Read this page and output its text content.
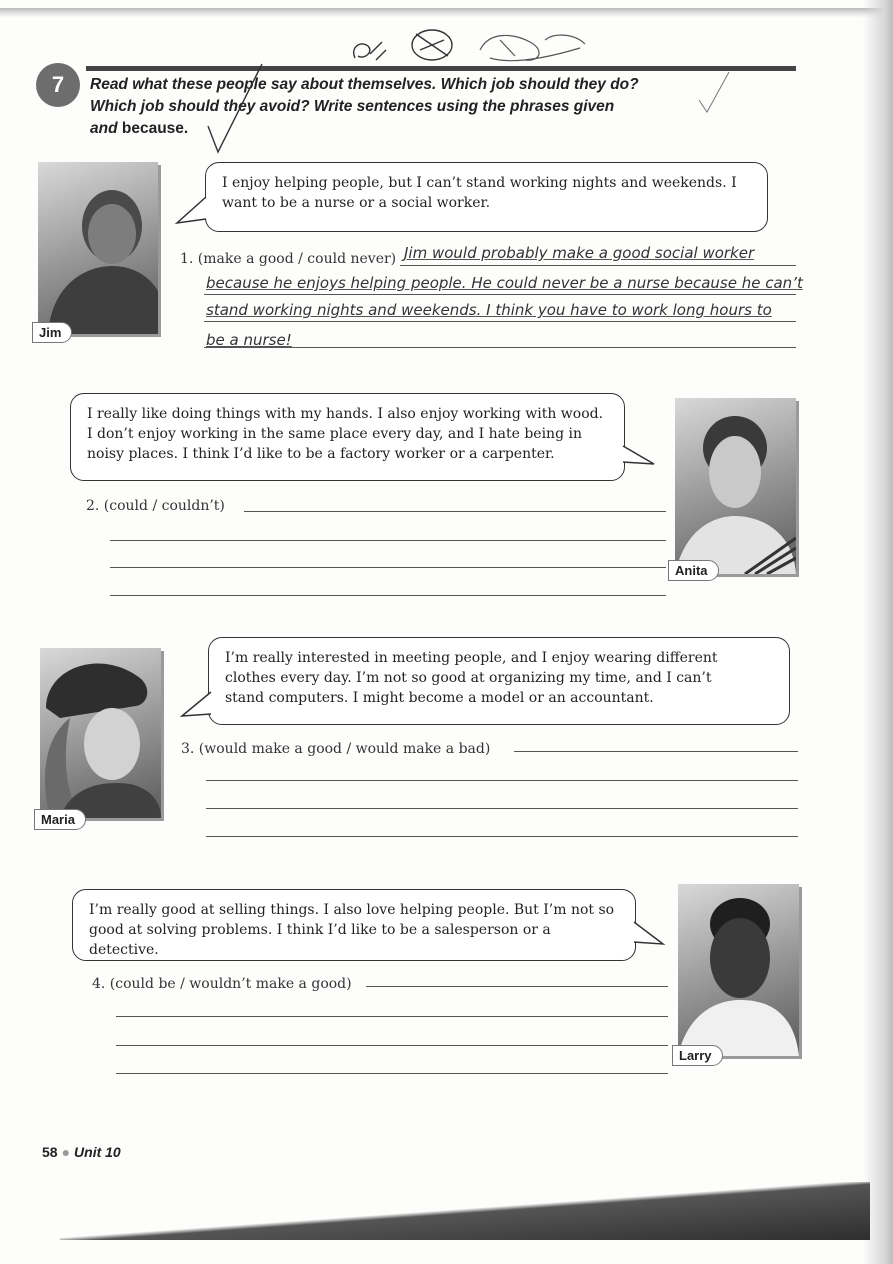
7	Read what these people say about themselves. Which job should they do?
Which job should they avoid? Write sentences using the phrases given
and because.
Jim
I enjoy helping people, but I can’t stand working nights and weekends. I
want to be a nurse or a social worker.
1. (make a good / could never) Jim would probably make a good social worker
because he enjoys helping people. He could never be a nurse because he can’t
stand working nights and weekends. I think you have to work long hours to
be a nurse!
I really like doing things with my hands. I also enjoy working with wood.
I don’t enjoy working in the same place every day, and I hate being in
noisy places. I think I’d like to be a factory worker or a carpenter.
Anita
2. (could / couldn’t)
Maria
I’m really interested in meeting people, and I enjoy wearing different
clothes every day. I’m not so good at organizing my time, and I can’t
stand computers. I might become a model or an accountant.
3. (would make a good / would make a bad)
I’m really good at selling things. I also love helping people. But I’m not so
good at solving problems. I think I’d like to be a salesperson or a detective.
Larry
4. (could be / wouldn’t make a good)
58 ● Unit 10
